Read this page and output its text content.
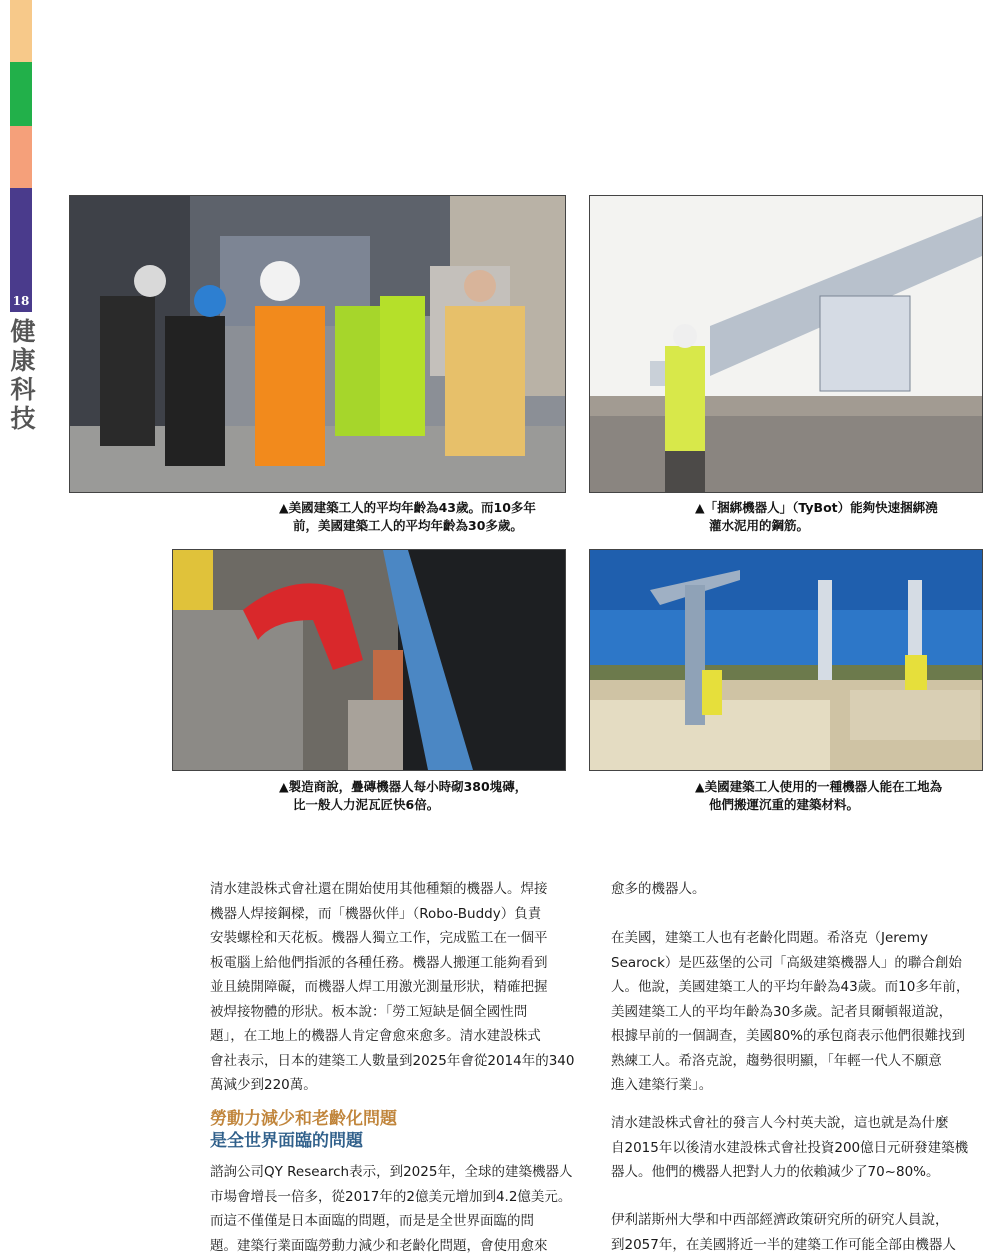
18
健康科技
▲美國建築工人的平均年齡為43歲。而10多年
前，美國建築工人的平均年齡為30多歲。
▲「捆綁機器人」（TyBot）能夠快速捆綁澆
灌水泥用的鋼筋。
▲製造商說，疊磚機器人每小時砌380塊磚，
比一般人力泥瓦匠快6倍。
▲美國建築工人使用的一種機器人能在工地為
他們搬運沉重的建築材料。
清水建設株式會社還在開始使用其他種類的機器人。焊接
機器人焊接鋼樑，而「機器伙伴」（Robo-Buddy）負責
安裝螺栓和天花板。機器人獨立工作，完成監工在一個平
板電腦上給他們指派的各種任務。機器人搬運工能夠看到
並且繞開障礙，而機器人焊工用激光測量形狀，精確把握
被焊接物體的形狀。板本說：「勞工短缺是個全國性問
題」，在工地上的機器人肯定會愈來愈多。清水建設株式
會社表示，日本的建築工人數量到2025年會從2014年的340
萬減少到220萬。
勞動力減少和老齡化問題
是全世界面臨的問題
諮詢公司QY Research表示，到2025年，全球的建築機器人
市場會增長一倍多，從2017年的2億美元增加到4.2億美元。
而這不僅僅是日本面臨的問題，而是是全世界面臨的問
題。建築行業面臨勞動力減少和老齡化問題，會使用愈來
愈多的機器人。
在美國，建築工人也有老齡化問題。希洛克（Jeremy
Searock）是匹茲堡的公司「高級建築機器人」的聯合創始
人。他說，美國建築工人的平均年齡為43歲。而10多年前，
美國建築工人的平均年齡為30多歲。記者貝爾頓報道說，
根據早前的一個調查，美國80%的承包商表示他們很難找到
熟練工人。希洛克說，趨勢很明顯，「年輕一代人不願意
進入建築行業」。
清水建設株式會社的發言人今村英夫說，這也就是為什麼
自2015年以後清水建設株式會社投資200億日元研發建築機
器人。他們的機器人把對人力的依賴減少了70~80%。
伊利諾斯州大學和中西部經濟政策研究所的研究人員說，
到2057年，在美國將近一半的建築工作可能全部由機器人
